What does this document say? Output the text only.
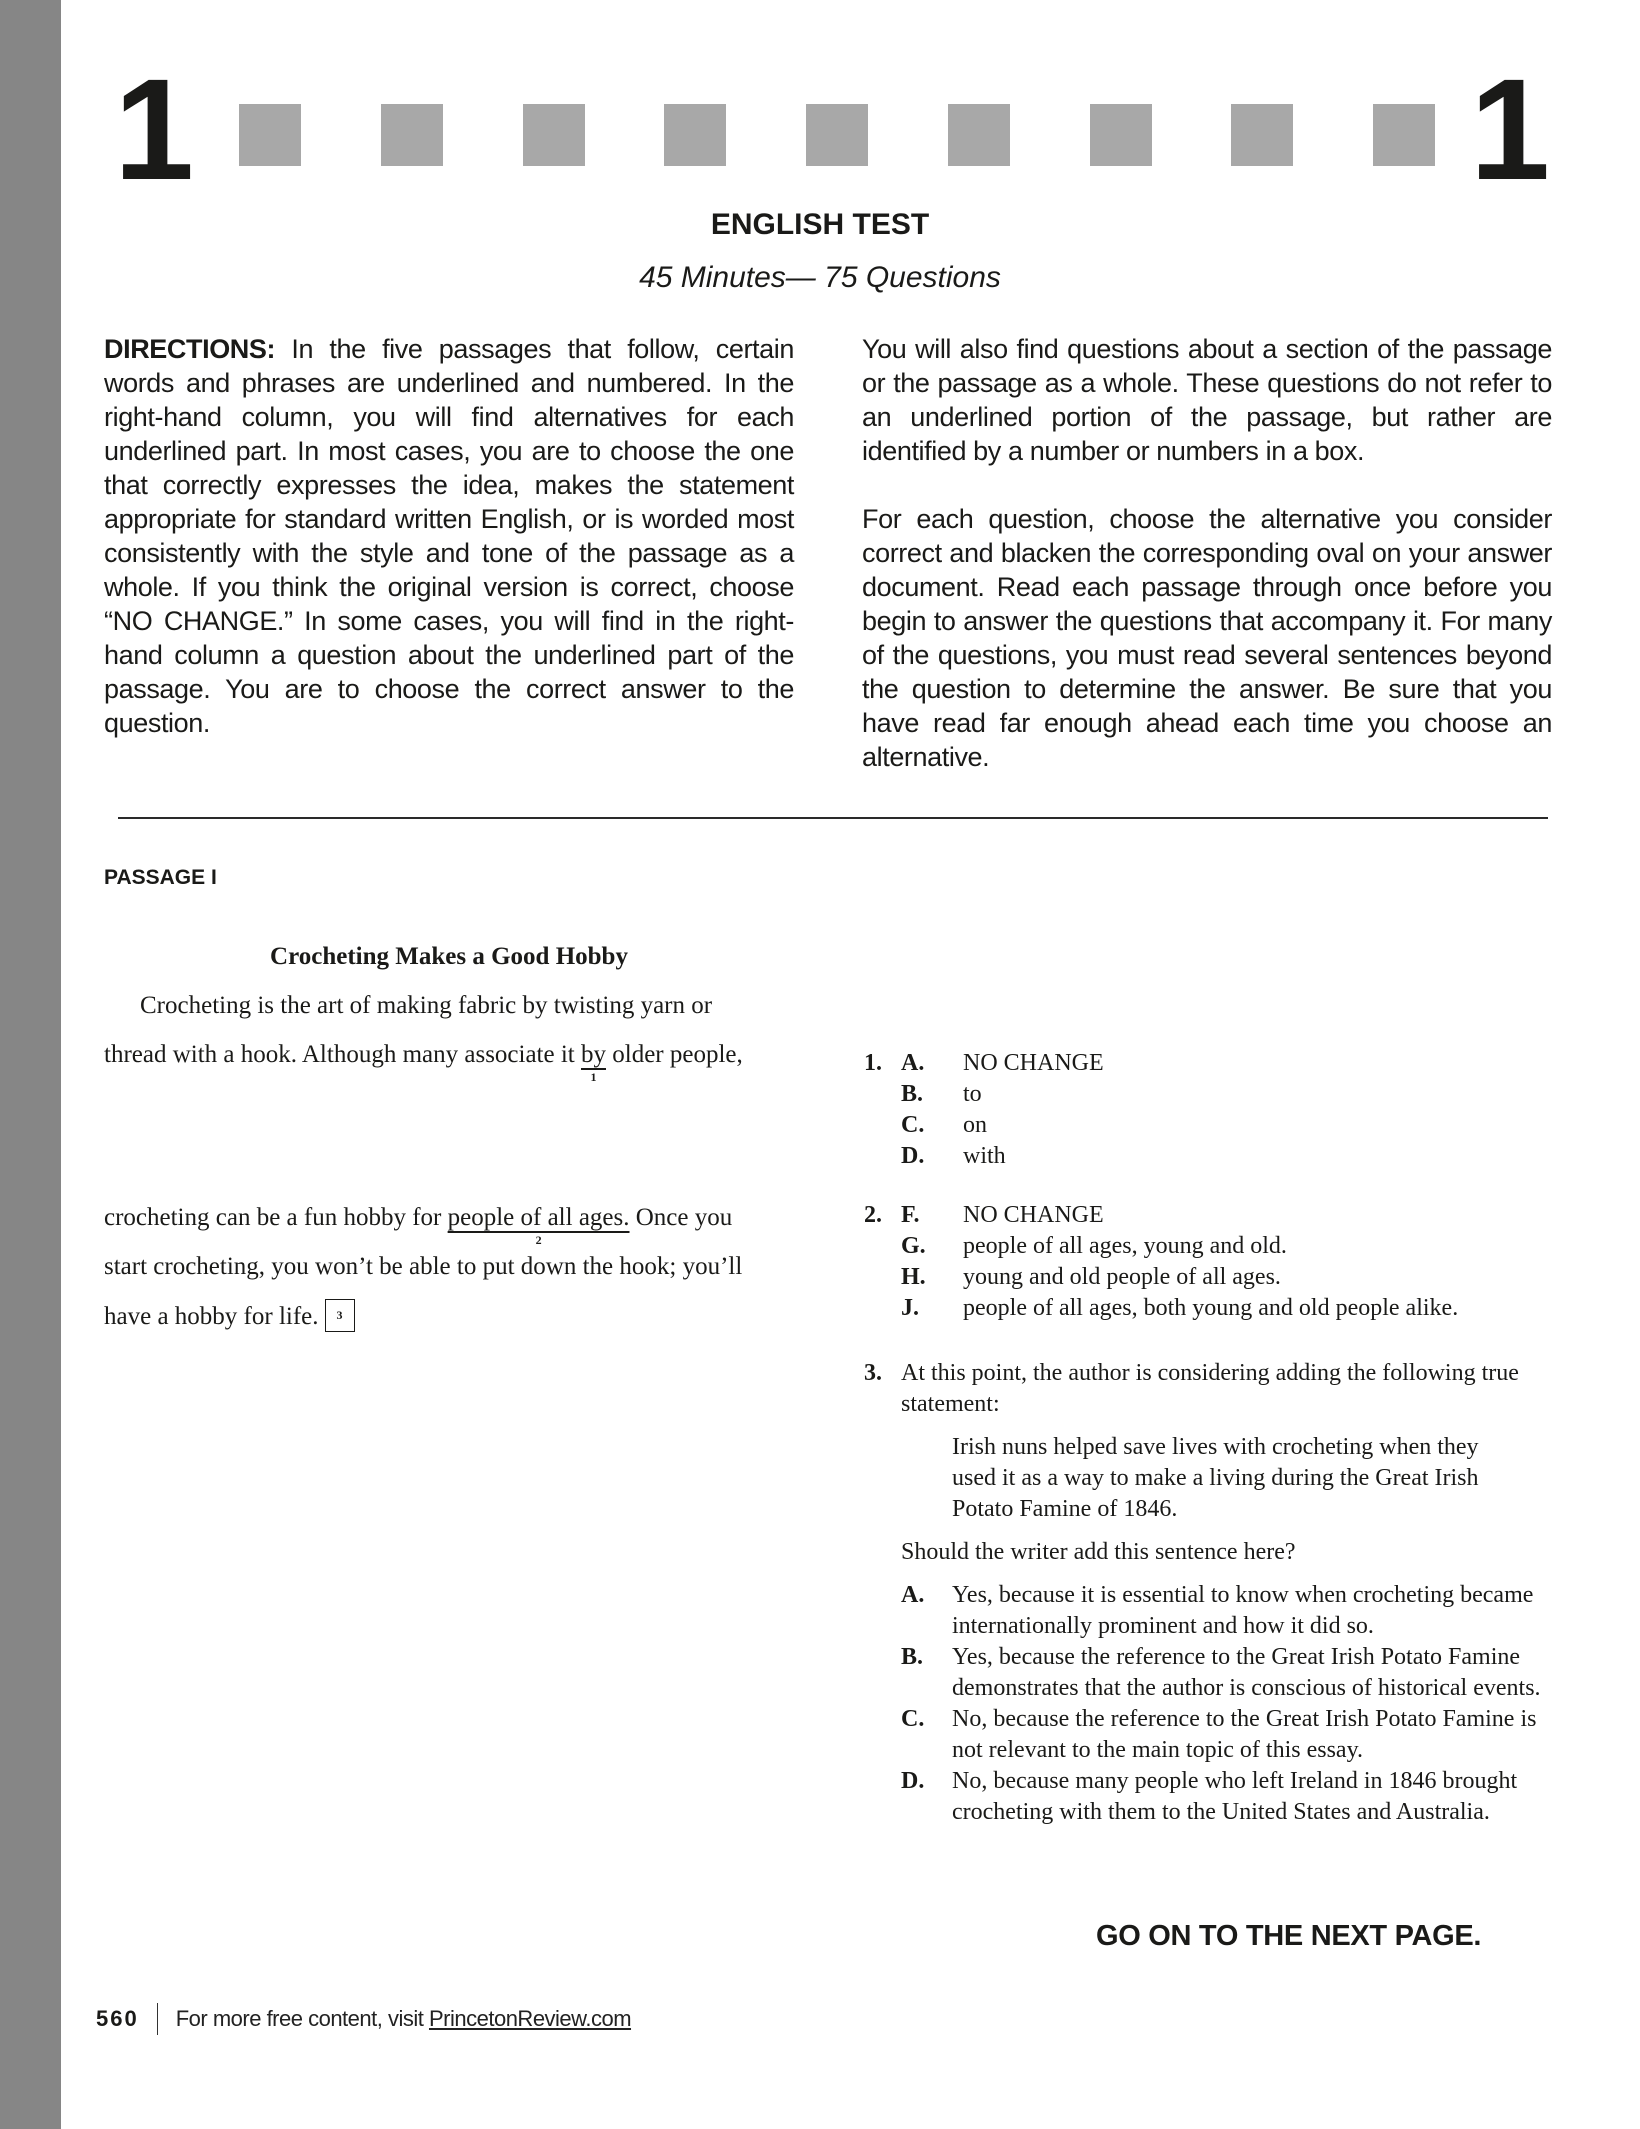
1	1
ENGLISH TEST
45 Minutes— 75 Questions

DIRECTIONS: In the five passages that follow, certain words and phrases are underlined and numbered. In the right-hand column, you will find alternatives for each underlined part. In most cases, you are to choose the one that correctly expresses the idea, makes the statement appropriate for standard written English, or is worded most consistently with the style and tone of the passage as a whole. If you think the original version is correct, choose “NO CHANGE.” In some cases, you will find in the right-hand column a question about the underlined part of the passage. You are to choose the correct answer to the question.

You will also find questions about a section of the passage or the passage as a whole. These questions do not refer to an underlined portion of the passage, but rather are identified by a number or numbers in a box.

For each question, choose the alternative you consider correct and blacken the corresponding oval on your answer document. Read each passage through once before you begin to answer the questions that accompany it. For many of the questions, you must read several sentences beyond the question to determine the answer. Be sure that you have read far enough ahead each time you choose an alternative.

PASSAGE I
Crocheting Makes a Good Hobby
Crocheting is the art of making fabric by twisting yarn or
thread with a hook. Although many associate it by
1
older people,
crocheting can be a fun hobby for people of all ages.
2
Once you
start crocheting, you won’t be able to put down the hook; you’ll
have a hobby for life. 3
1. A. NO CHANGE
B. to
C. on
D. with
2. F. NO CHANGE
G. people of all ages, young and old.
H. young and old people of all ages.
J. people of all ages, both young and old people alike.
3. At this point, the author is considering adding the following true statement:
Irish nuns helped save lives with crocheting when they used it as a way to make a living during the Great Irish Potato Famine of 1846.
Should the writer add this sentence here?
A. Yes, because it is essential to know when crocheting became internationally prominent and how it did so.
B. Yes, because the reference to the Great Irish Potato Famine demonstrates that the author is conscious of historical events.
C. No, because the reference to the Great Irish Potato Famine is not relevant to the main topic of this essay.
D. No, because many people who left Ireland in 1846 brought crocheting with them to the United States and Australia.
GO ON TO THE NEXT PAGE.
560 For more free content, visit PrincetonReview.com
